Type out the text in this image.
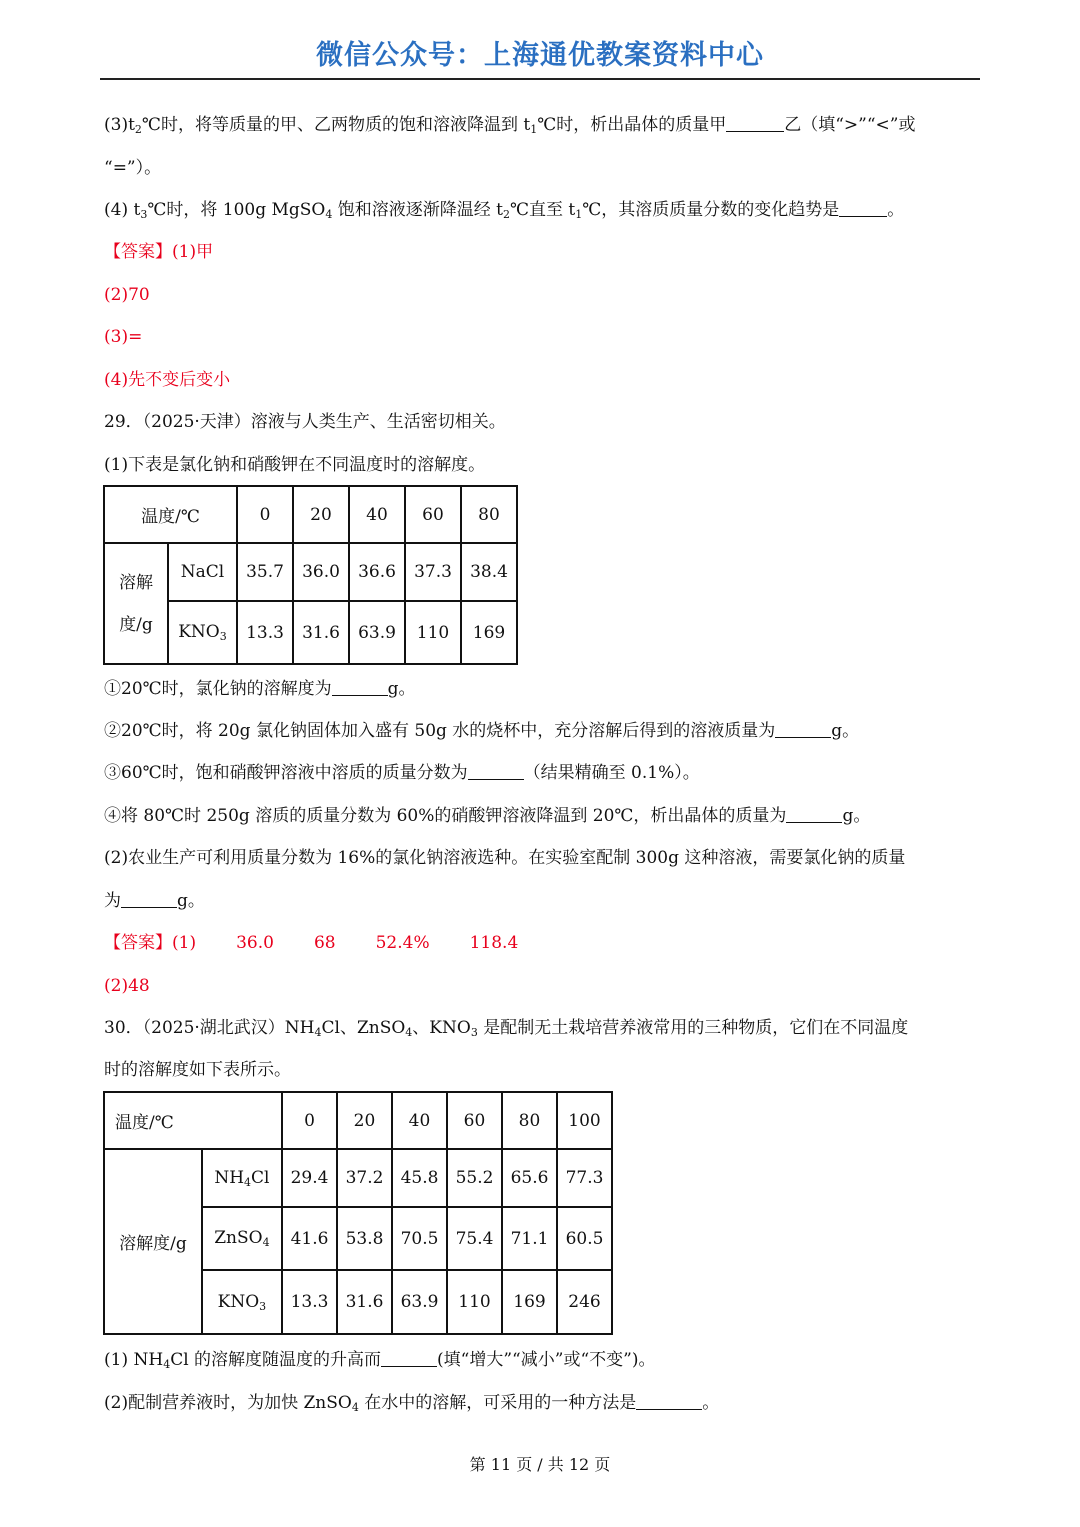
微信公众号：上海通优教案资料中心
$(3)t_2℃$时，将等质量的甲、乙两物质的饱和溶液降温到 $t_1℃$时，析出晶体的质量甲	乙（填“>”“<”或
“=”）。
(4) $t_3℃$时，将 100g MgSO$_4$ 饱和溶液逐渐降温经 $t_2℃$直至 $t_1℃$，其溶质质量分数的变化趋势是	。
【答案】(1)甲
(2)70
(3)=
(4)先不变后变小
29．（2025·天津）溶液与人类生产、生活密切相关。
(1)下表是氯化钠和硝酸钾在不同温度时的溶解度。
温度/℃		0	20	40	60	80
溶解
度/g	NaCl	35.7	36.0	36.6	37.3	38.4
	$KNO_3$	13.3	31.6	63.9	110	169
①20℃时，氯化钠的溶解度为	g。
②20℃时，将 20g 氯化钠固体加入盛有 50g 水的烧杯中，充分溶解后得到的溶液质量为	g。
③60℃时，饱和硝酸钾溶液中溶质的质量分数为	（结果精确至 0.1%）。
④将 80℃时 250g 溶质的质量分数为 60%的硝酸钾溶液降温到 20℃，析出晶体的质量为	g。
(2)农业生产可利用质量分数为 16%的氯化钠溶液选种。在实验室配制 300g 这种溶液，需要氯化钠的质量
为	g。
【答案】(1) 36.0 68 52.4% 118.4
(2)48
30．（2025·湖北武汉）$NH_4Cl$、ZnSO$_4$、$KNO_3$ 是配制无土栽培营养液常用的三种物质，它们在不同温度
时的溶解度如下表所示。
温度/℃		0	20	40	60	80	100
溶解度/g	$NH_4Cl$	29.4	37.2	45.8	55.2	65.6	77.3
	ZnSO$_4$	41.6	53.8	70.5	75.4	71.1	60.5
	$KNO_3$	13.3	31.6	63.9	110	169	246
(1) $NH_4Cl$ 的溶解度随温度的升高而	(填“增大”“减小”或“不变”)。
(2)配制营养液时，为加快 ZnSO$_4$ 在水中的溶解，可采用的一种方法是	。
第 11 页 / 共 12 页
